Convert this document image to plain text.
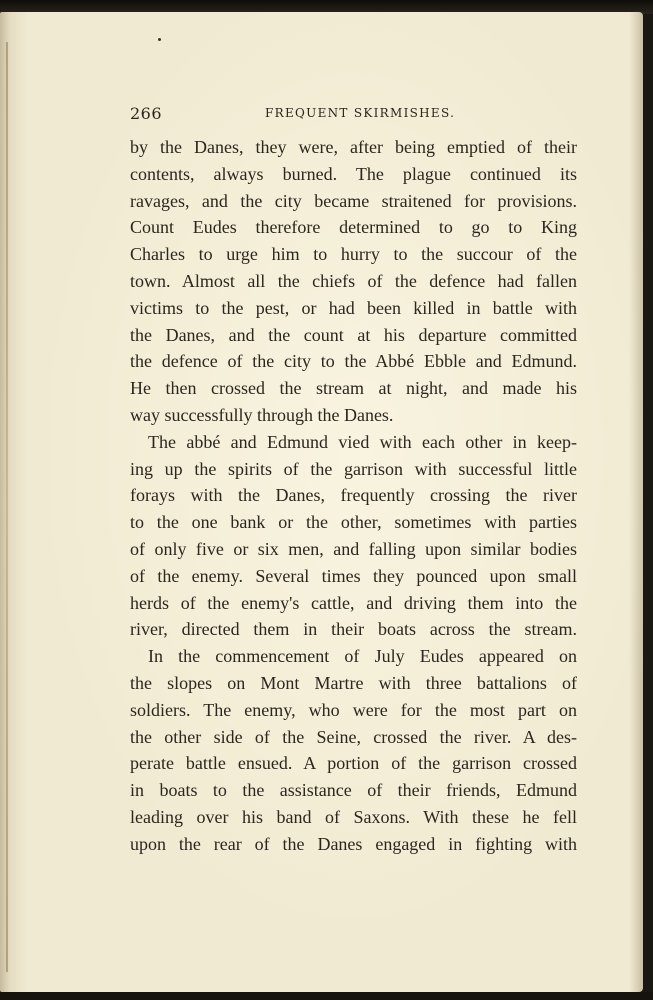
266	FREQUENT SKIRMISHES.
by the Danes, they were, after being emptied of their
contents, always burned. The plague continued its
ravages, and the city became straitened for provisions.
Count Eudes therefore determined to go to King
Charles to urge him to hurry to the succour of the
town. Almost all the chiefs of the defence had fallen
victims to the pest, or had been killed in battle with
the Danes, and the count at his departure committed
the defence of the city to the Abbé Ebble and Edmund.
He then crossed the stream at night, and made his
way successfully through the Danes.
The abbé and Edmund vied with each other in keep-
ing up the spirits of the garrison with successful little
forays with the Danes, frequently crossing the river
to the one bank or the other, sometimes with parties
of only five or six men, and falling upon similar bodies
of the enemy. Several times they pounced upon small
herds of the enemy's cattle, and driving them into the
river, directed them in their boats across the stream.
In the commencement of July Eudes appeared on
the slopes on Mont Martre with three battalions of
soldiers. The enemy, who were for the most part on
the other side of the Seine, crossed the river. A des-
perate battle ensued. A portion of the garrison crossed
in boats to the assistance of their friends, Edmund
leading over his band of Saxons. With these he fell
upon the rear of the Danes engaged in fighting with
